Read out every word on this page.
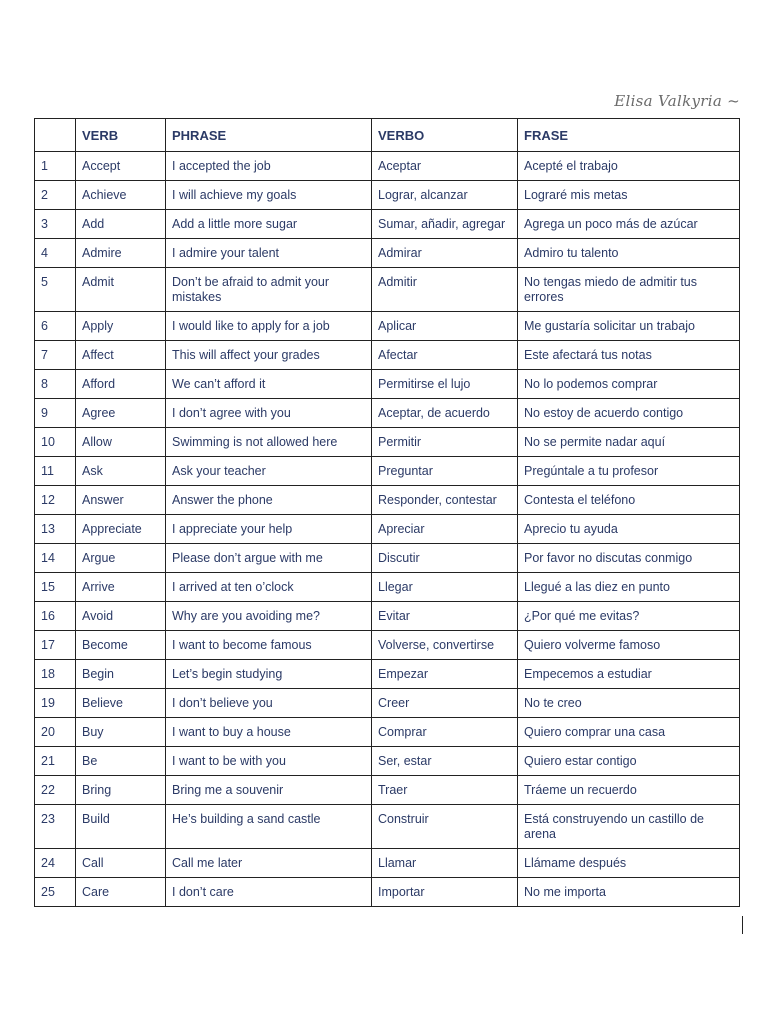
Elisa Valkyria ~
	VERB	PHRASE	VERBO	FRASE
1	Accept	I accepted the job	Aceptar	Acepté el trabajo
2	Achieve	I will achieve my goals	Lograr, alcanzar	Lograré mis metas
3	Add	Add a little more sugar	Sumar, añadir, agregar	Agrega un poco más de azúcar
4	Admire	I admire your talent	Admirar	Admiro tu talento
5	Admit	Don’t be afraid to admit your mistakes	Admitir	No tengas miedo de admitir tus errores
6	Apply	I would like to apply for a job	Aplicar	Me gustaría solicitar un trabajo
7	Affect	This will affect your grades	Afectar	Este afectará tus notas
8	Afford	We can’t afford it	Permitirse el lujo	No lo podemos comprar
9	Agree	I don’t agree with you	Aceptar, de acuerdo	No estoy de acuerdo contigo
10	Allow	Swimming is not allowed here	Permitir	No se permite nadar aquí
11	Ask	Ask your teacher	Preguntar	Pregúntale a tu profesor
12	Answer	Answer the phone	Responder, contestar	Contesta el teléfono
13	Appreciate	I appreciate your help	Apreciar	Aprecio tu ayuda
14	Argue	Please don’t argue with me	Discutir	Por favor no discutas conmigo
15	Arrive	I arrived at ten o’clock	Llegar	Llegué a las diez en punto
16	Avoid	Why are you avoiding me?	Evitar	¿Por qué me evitas?
17	Become	I want to become famous	Volverse, convertirse	Quiero volverme famoso
18	Begin	Let’s begin studying	Empezar	Empecemos a estudiar
19	Believe	I don’t believe you	Creer	No te creo
20	Buy	I want to buy a house	Comprar	Quiero comprar una casa
21	Be	I want to be with you	Ser, estar	Quiero estar contigo
22	Bring	Bring me a souvenir	Traer	Tráeme un recuerdo
23	Build	He’s building a sand castle	Construir	Está construyendo un castillo de arena
24	Call	Call me later	Llamar	Llámame después
25	Care	I don’t care	Importar	No me importa
